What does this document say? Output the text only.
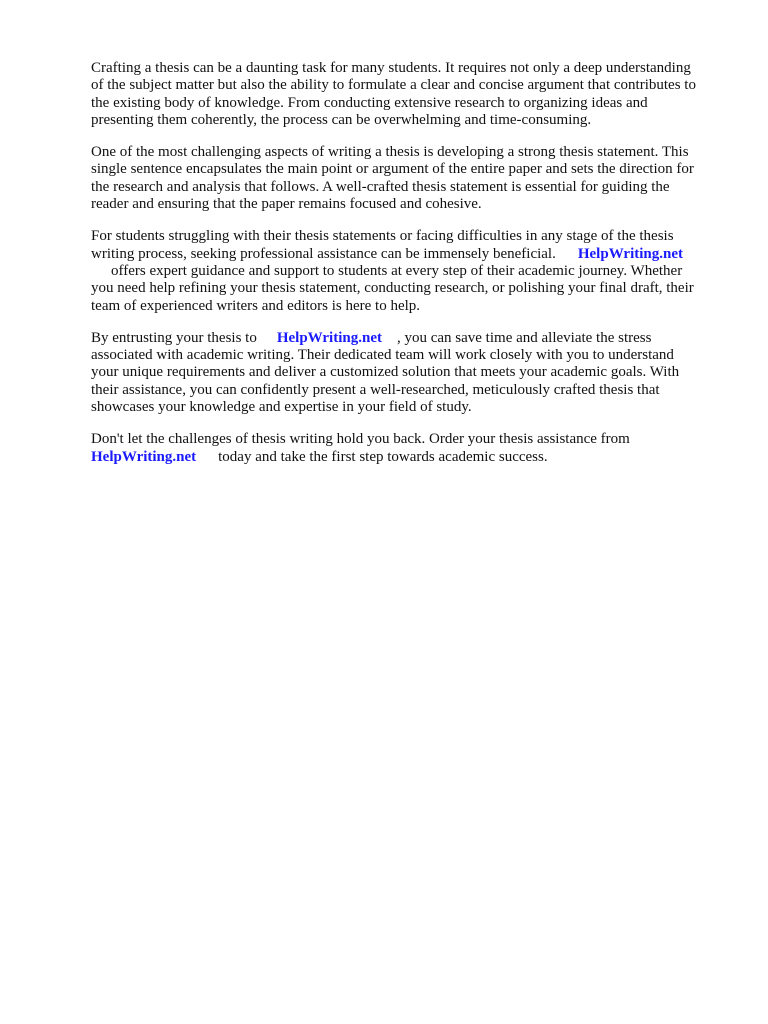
Crafting a thesis can be a daunting task for many students. It requires not only a deep understanding
of the subject matter but also the ability to formulate a clear and concise argument that contributes to
the existing body of knowledge. From conducting extensive research to organizing ideas and
presenting them coherently, the process can be overwhelming and time-consuming.

One of the most challenging aspects of writing a thesis is developing a strong thesis statement. This
single sentence encapsulates the main point or argument of the entire paper and sets the direction for
the research and analysis that follows. A well-crafted thesis statement is essential for guiding the
reader and ensuring that the paper remains focused and cohesive.

For students struggling with their thesis statements or facing difficulties in any stage of the thesis
writing process, seeking professional assistance can be immensely beneficial. HelpWriting.net
offers expert guidance and support to students at every step of their academic journey. Whether
you need help refining your thesis statement, conducting research, or polishing your final draft, their
team of experienced writers and editors is here to help.

By entrusting your thesis to HelpWriting.net , you can save time and alleviate the stress
associated with academic writing. Their dedicated team will work closely with you to understand
your unique requirements and deliver a customized solution that meets your academic goals. With
their assistance, you can confidently present a well-researched, meticulously crafted thesis that
showcases your knowledge and expertise in your field of study.

Don't let the challenges of thesis writing hold you back. Order your thesis assistance from
HelpWriting.net today and take the first step towards academic success.
